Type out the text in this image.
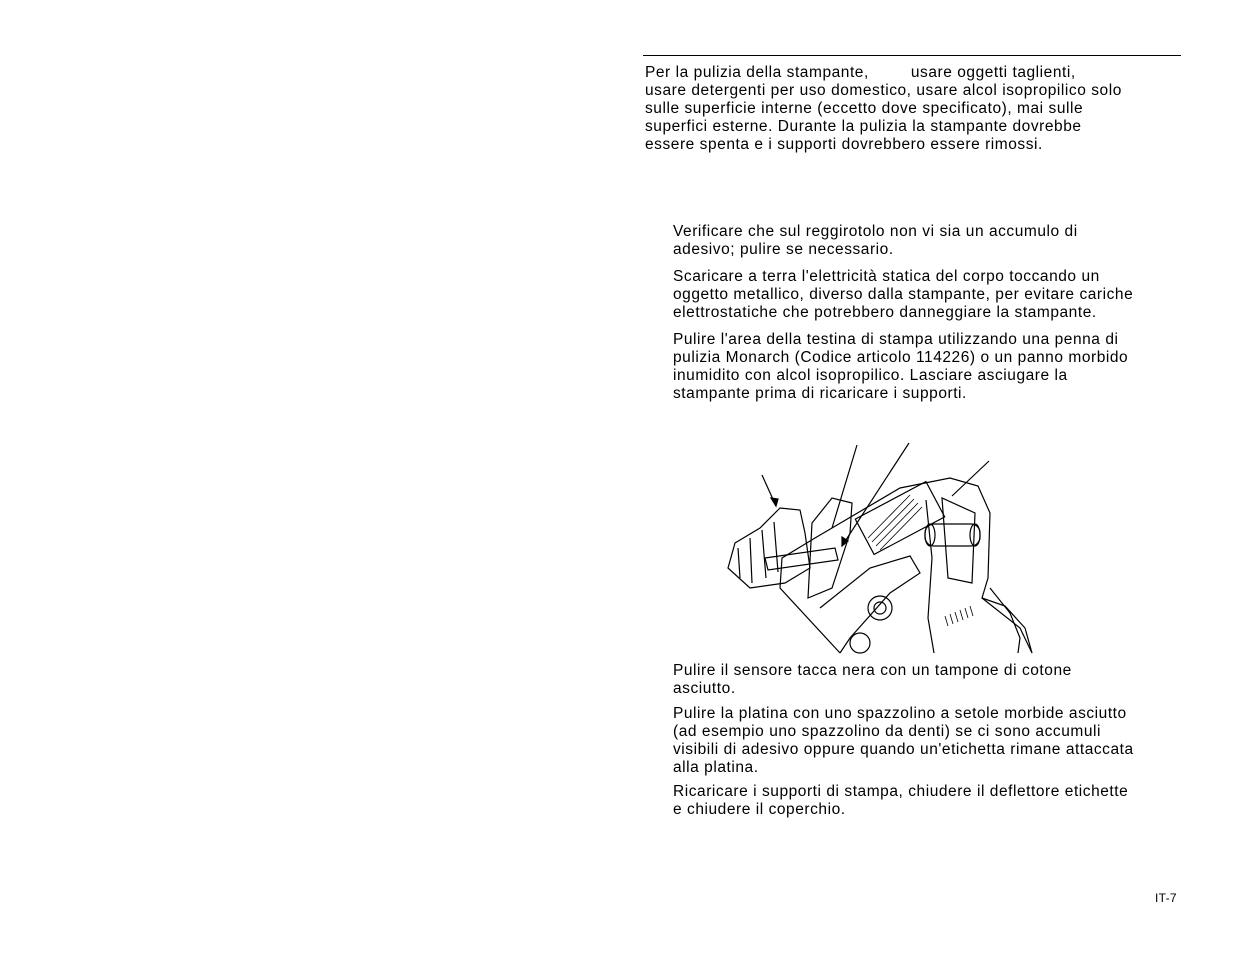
Per la pulizia della stampante,	usare oggetti taglienti,
usare detergenti per uso domestico, usare alcol isopropilico solo
sulle superficie interne (eccetto dove specificato), mai sulle
superfici esterne. Durante la pulizia la stampante dovrebbe
essere spenta e i supporti dovrebbero essere rimossi.
Verificare che sul reggirotolo non vi sia un accumulo di
adesivo; pulire se necessario.
Scaricare a terra l'elettricità statica del corpo toccando un
oggetto metallico, diverso dalla stampante, per evitare cariche
elettrostatiche che potrebbero danneggiare la stampante.
Pulire l'area della testina di stampa utilizzando una penna di
pulizia Monarch (Codice articolo 114226) o un panno morbido
inumidito con alcol isopropilico. Lasciare asciugare la
stampante prima di ricaricare i supporti.
Pulire il sensore tacca nera con un tampone di cotone
asciutto.
Pulire la platina con uno spazzolino a setole morbide asciutto
(ad esempio uno spazzolino da denti) se ci sono accumuli
visibili di adesivo oppure quando un'etichetta rimane attaccata
alla platina.
Ricaricare i supporti di stampa, chiudere il deflettore etichette
e chiudere il coperchio.
IT-7
